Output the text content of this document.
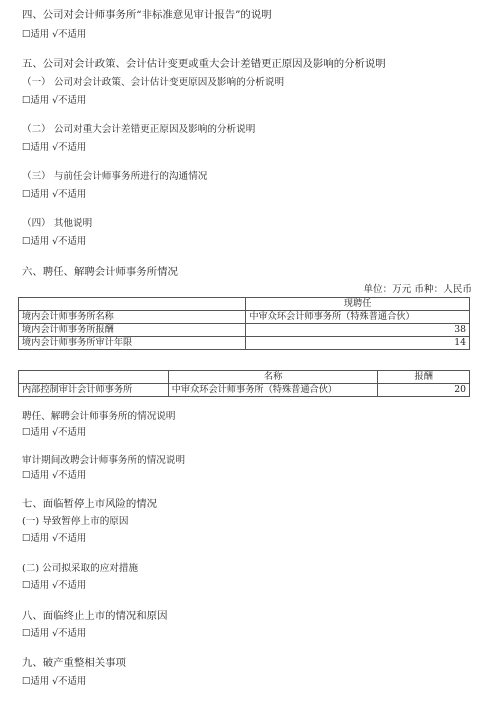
四、公司对会计师事务所“非标准意见审计报告”的说明
☐适用 √不适用
五、公司对会计政策、会计估计变更或重大会计差错更正原因及影响的分析说明
（一） 公司对会计政策、会计估计变更原因及影响的分析说明
☐适用 √不适用
（二） 公司对重大会计差错更正原因及影响的分析说明
☐适用 √不适用
（三） 与前任会计师事务所进行的沟通情况
☐适用 √不适用
（四） 其他说明
☐适用 √不适用
六、聘任、解聘会计师事务所情况
单位：万元 币种：人民币
	现聘任
境内会计师事务所名称	中审众环会计师事务所（特殊普通合伙）
境内会计师事务所报酬	38
境内会计师事务所审计年限	14
	名称	报酬
内部控制审计会计师事务所	中审众环会计师事务所（特殊普通合伙）	20
聘任、解聘会计师事务所的情况说明
☐适用 √不适用
审计期间改聘会计师事务所的情况说明
☐适用 √不适用
七、面临暂停上市风险的情况
(一) 导致暂停上市的原因
☐适用 √不适用
(二) 公司拟采取的应对措施
☐适用 √不适用
八、面临终止上市的情况和原因
☐适用 √不适用
九、破产重整相关事项
☐适用 √不适用
